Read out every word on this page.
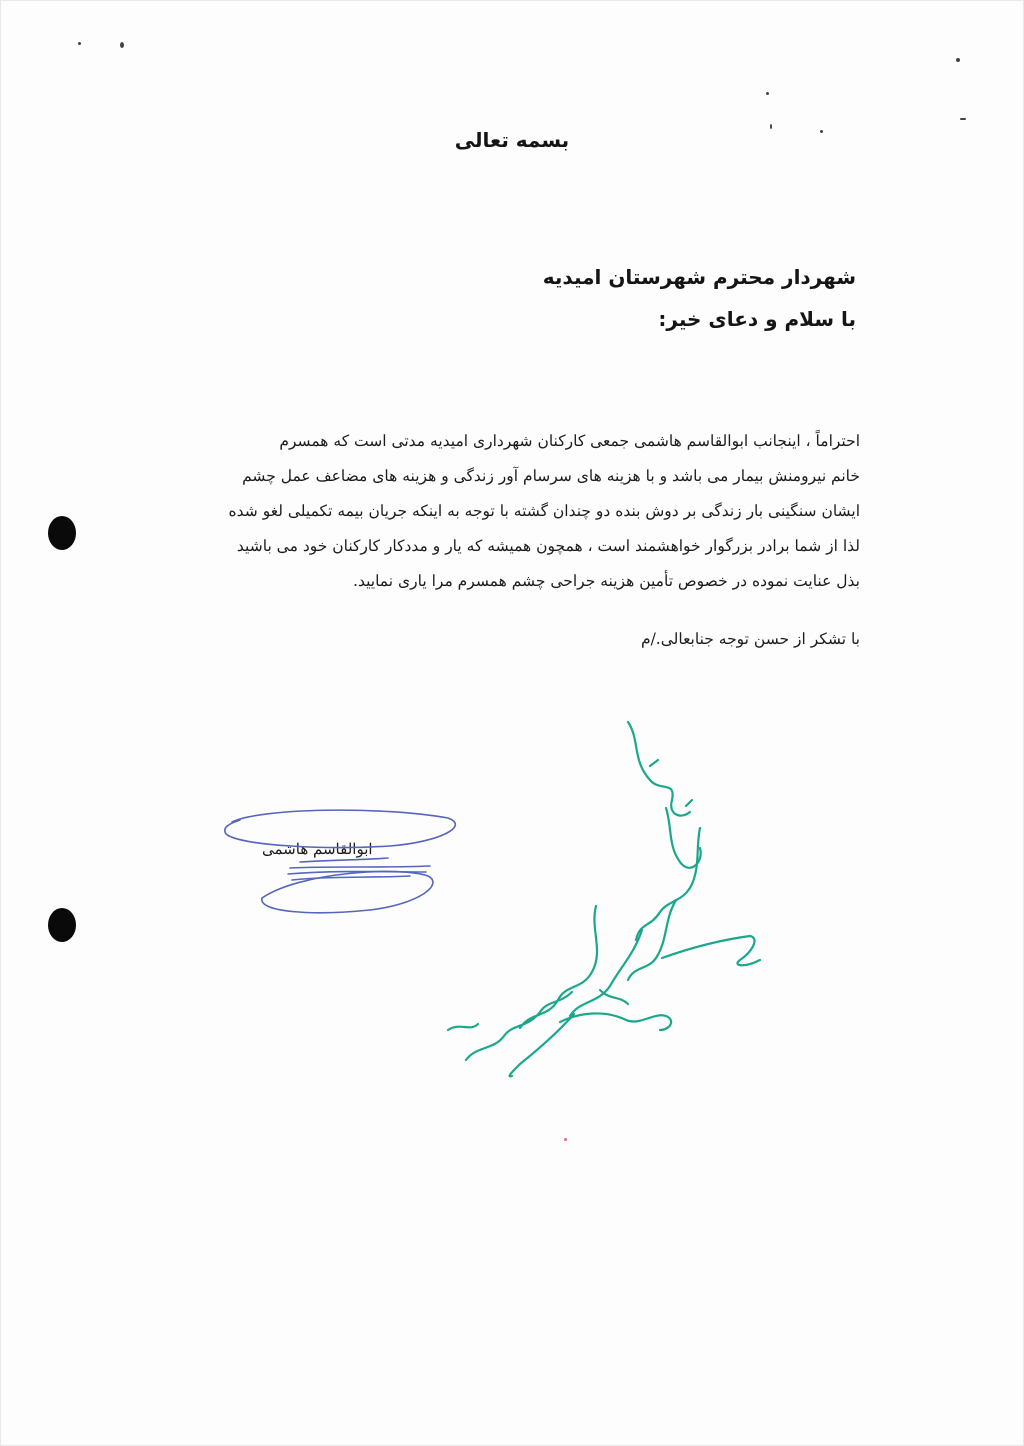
بسمه تعالی
شهردار محترم شهرستان امیدیه
با سلام و دعای خیر:

احتراماً ، اینجانب ابوالقاسم هاشمی جمعی کارکنان شهرداری امیدیه مدتی است که همسرم

خانم نیرومنش بیمار می باشد و با هزینه های سرسام آور زندگی و هزینه های مضاعف عمل چشم

ایشان سنگینی بار زندگی بر دوش بنده دو چندان گشته با توجه به اینکه جریان بیمه تکمیلی لغو شده

لذا از شما برادر بزرگوار خواهشمند است ، همچون همیشه که یار و مددکار کارکنان خود می باشید

بذل عنایت نموده در خصوص تأمین هزینه جراحی چشم همسرم مرا یاری نمایید.

با تشکر از حسن توجه جنابعالی./م
ابوالقاسم هاشمی
